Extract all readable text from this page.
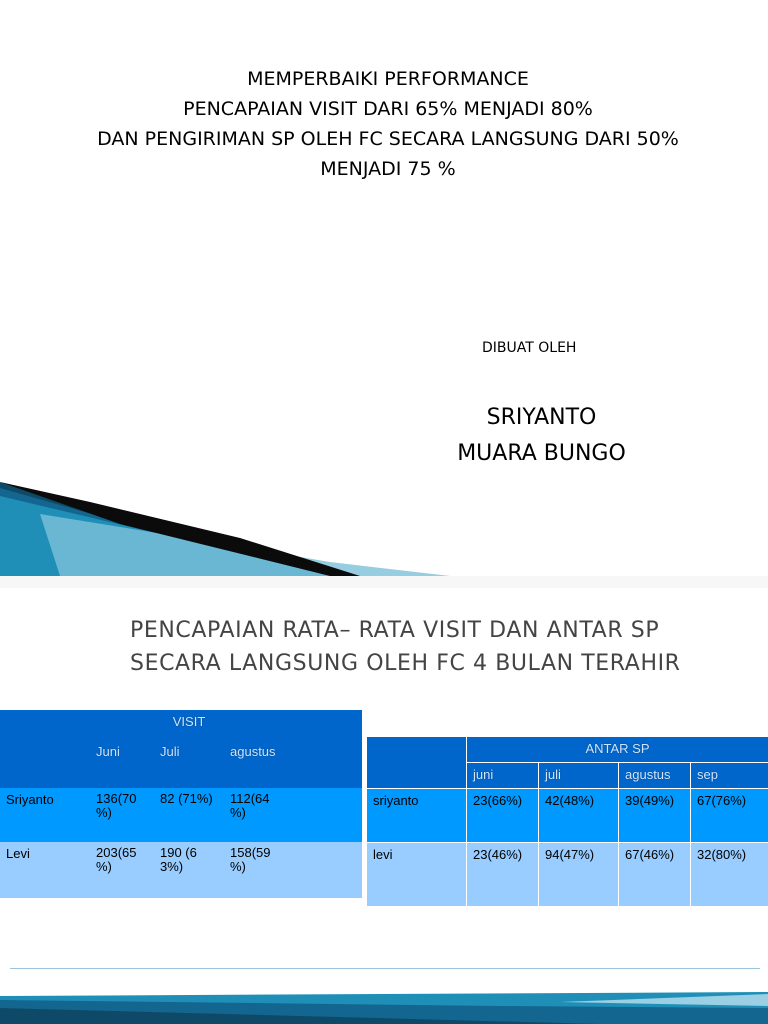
MEMPERBAIKI PERFORMANCE
PENCAPAIAN VISIT DARI 65% MENJADI 80%
DAN PENGIRIMAN SP OLEH FC SECARA LANGSUNG DARI 50%
MENJADI 75 %
DIBUAT OLEH
SRIYANTO
MUARA BUNGO
PENCAPAIAN RATA– RATA VISIT DAN ANTAR SP
SECARA LANGSUNG OLEH FC 4 BULAN TERAHIR
	VISIT		
	Juni	Juli	agustus
Sriyanto	136(70 %)	82 (71%)	112(64 %)
Levi	203(65 %)	190 (63%)	158(59 %)
	ANTAR SP			
	juni	juli	agustus	sep
sriyanto	23(66%)	42(48%)	39(49%)	67(76%)
levi	23(46%)	94(47%)	67(46%)	32(80%)
